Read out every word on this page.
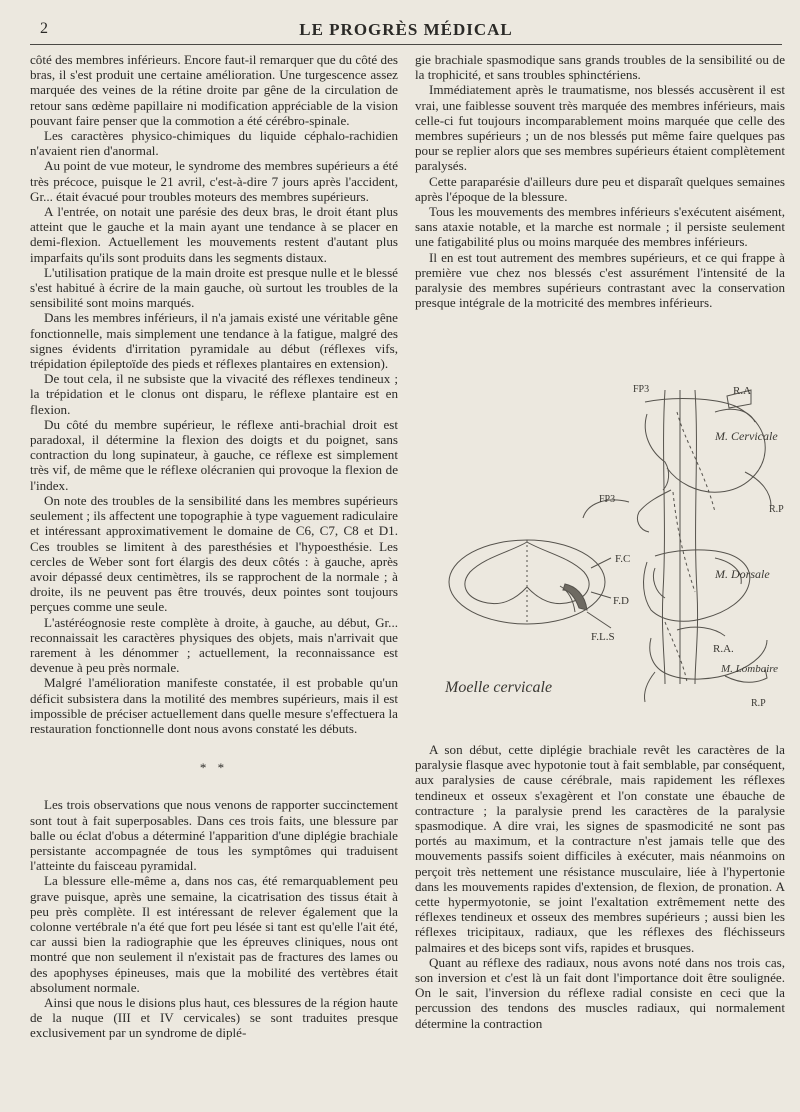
2	LE PROGRÈS MÉDICAL

côté des membres inférieurs. Encore faut-il remarquer que du côté des bras, il s'est produit une certaine amélioration. Une turgescence assez marquée des veines de la rétine droite par gêne de la circulation de retour sans œdème papillaire ni modification appréciable de la vision pouvant faire penser que la commotion a été cérébro-spinale.

Les caractères physico-chimiques du liquide céphalo-rachidien n'avaient rien d'anormal.

Au point de vue moteur, le syndrome des membres supérieurs a été très précoce, puisque le 21 avril, c'est-à-dire 7 jours après l'accident, Gr... était évacué pour troubles moteurs des membres supérieurs.

A l'entrée, on notait une parésie des deux bras, le droit étant plus atteint que le gauche et la main ayant une tendance à se placer en demi-flexion. Actuellement les mouvements restent d'autant plus imparfaits qu'ils sont produits dans les segments distaux.

L'utilisation pratique de la main droite est presque nulle et le blessé s'est habitué à écrire de la main gauche, où surtout les troubles de la sensibilité sont moins marqués.

Dans les membres inférieurs, il n'a jamais existé une véritable gêne fonctionnelle, mais simplement une tendance à la fatigue, malgré des signes évidents d'irritation pyramidale au début (réflexes vifs, trépidation épileptoïde des pieds et réflexes plantaires en extension).

De tout cela, il ne subsiste que la vivacité des réflexes tendineux ; la trépidation et le clonus ont disparu, le réflexe plantaire est en flexion.

Du côté du membre supérieur, le réflexe anti-brachial droit est paradoxal, il détermine la flexion des doigts et du poignet, sans contraction du long supinateur, à gauche, ce réflexe est simplement très vif, de même que le réflexe olécranien qui provoque la flexion de l'index.

On note des troubles de la sensibilité dans les membres supérieurs seulement ; ils affectent une topographie à type vaguement radiculaire et intéressant approximativement le domaine de C6, C7, C8 et D1. Ces troubles se limitent à des paresthésies et l'hypoesthésie. Les cercles de Weber sont fort élargis des deux côtés : à gauche, après avoir dépassé deux centimètres, ils se rapprochent de la normale ; à droite, ils ne peuvent pas être trouvés, deux pointes sont toujours perçues comme une seule.

L'astéréognosie reste complète à droite, à gauche, au début, Gr... reconnaissait les caractères physiques des objets, mais n'arrivait que rarement à les dénommer ; actuellement, la reconnaissance est devenue à peu près normale.

Malgré l'amélioration manifeste constatée, il est probable qu'un déficit subsistera dans la motilité des membres supérieurs, mais il est impossible de préciser actuellement dans quelle mesure s'effectuera la restauration fonctionnelle dont nous avons constaté les débuts.

* *

Les trois observations que nous venons de rapporter succinctement sont tout à fait superposables. Dans ces trois faits, une blessure par balle ou éclat d'obus a déterminé l'apparition d'une diplégie brachiale persistante accompagnée de tous les symptômes qui traduisent l'atteinte du faisceau pyramidal.

La blessure elle-même a, dans nos cas, été remarquablement peu grave puisque, après une semaine, la cicatrisation des tissus était à peu près complète. Il est intéressant de relever également que la colonne vertébrale n'a été que fort peu lésée si tant est qu'elle l'ait été, car aussi bien la radiographie que les épreuves cliniques, nous ont montré que non seulement il n'existait pas de fractures des lames ou des apophyses épineuses, mais que la mobilité des vertèbres était absolument normale.

Ainsi que nous le disions plus haut, ces blessures de la région haute de la nuque (III et IV cervicales) se sont traduites presque exclusivement par un syndrome de diplé-

gie brachiale spasmodique sans grands troubles de la sensibilité ou de la trophicité, et sans troubles sphinctériens.

Immédiatement après le traumatisme, nos blessés accusèrent il est vrai, une faiblesse souvent très marquée des membres inférieurs, mais celle-ci fut toujours incomparablement moins marquée que celle des membres supérieurs ; un de nos blessés put même faire quelques pas pour se replier alors que ses membres supérieurs étaient complètement paralysés.

Cette paraparésie d'ailleurs dure peu et disparaît quelques semaines après l'époque de la blessure.

Tous les mouvements des membres inférieurs s'exécutent aisément, sans ataxie notable, et la marche est normale ; il persiste seulement une fatigabilité plus ou moins marquée des membres inférieurs.

Il en est tout autrement des membres supérieurs, et ce qui frappe à première vue chez nos blessés c'est assurément l'intensité de la paralysie des membres supérieurs contrastant avec la conservation presque intégrale de la motricité des membres inférieurs.

FP3	R.A
M. Cervicale
R.P
FP3
F.C
F.D
F.L.S
M. Dorsale
R.A.
M. Lombaire
R.P
Moelle cervicale

A son début, cette diplégie brachiale revêt les caractères de la paralysie flasque avec hypotonie tout à fait semblable, par conséquent, aux paralysies de cause cérébrale, mais rapidement les réflexes tendineux et osseux s'exagèrent et l'on constate une ébauche de contracture ; la paralysie prend les caractères de la paralysie spasmodique. A dire vrai, les signes de spasmodicité ne sont pas portés au maximum, et la contracture n'est jamais telle que des mouvements passifs soient difficiles à exécuter, mais néanmoins on perçoit très nettement une résistance musculaire, liée à l'hypertonie dans les mouvements rapides d'extension, de flexion, de pronation. A cette hypermyotonie, se joint l'exaltation extrêmement nette des réflexes tendineux et osseux des membres supérieurs ; aussi bien les réflexes tricipitaux, radiaux, que les réflexes des fléchisseurs palmaires et des biceps sont vifs, rapides et brusques.

Quant au réflexe des radiaux, nous avons noté dans nos trois cas, son inversion et c'est là un fait dont l'importance doit être soulignée. On le sait, l'inversion du réflexe radial consiste en ceci que la percussion des tendons des muscles radiaux, qui normalement détermine la contraction
